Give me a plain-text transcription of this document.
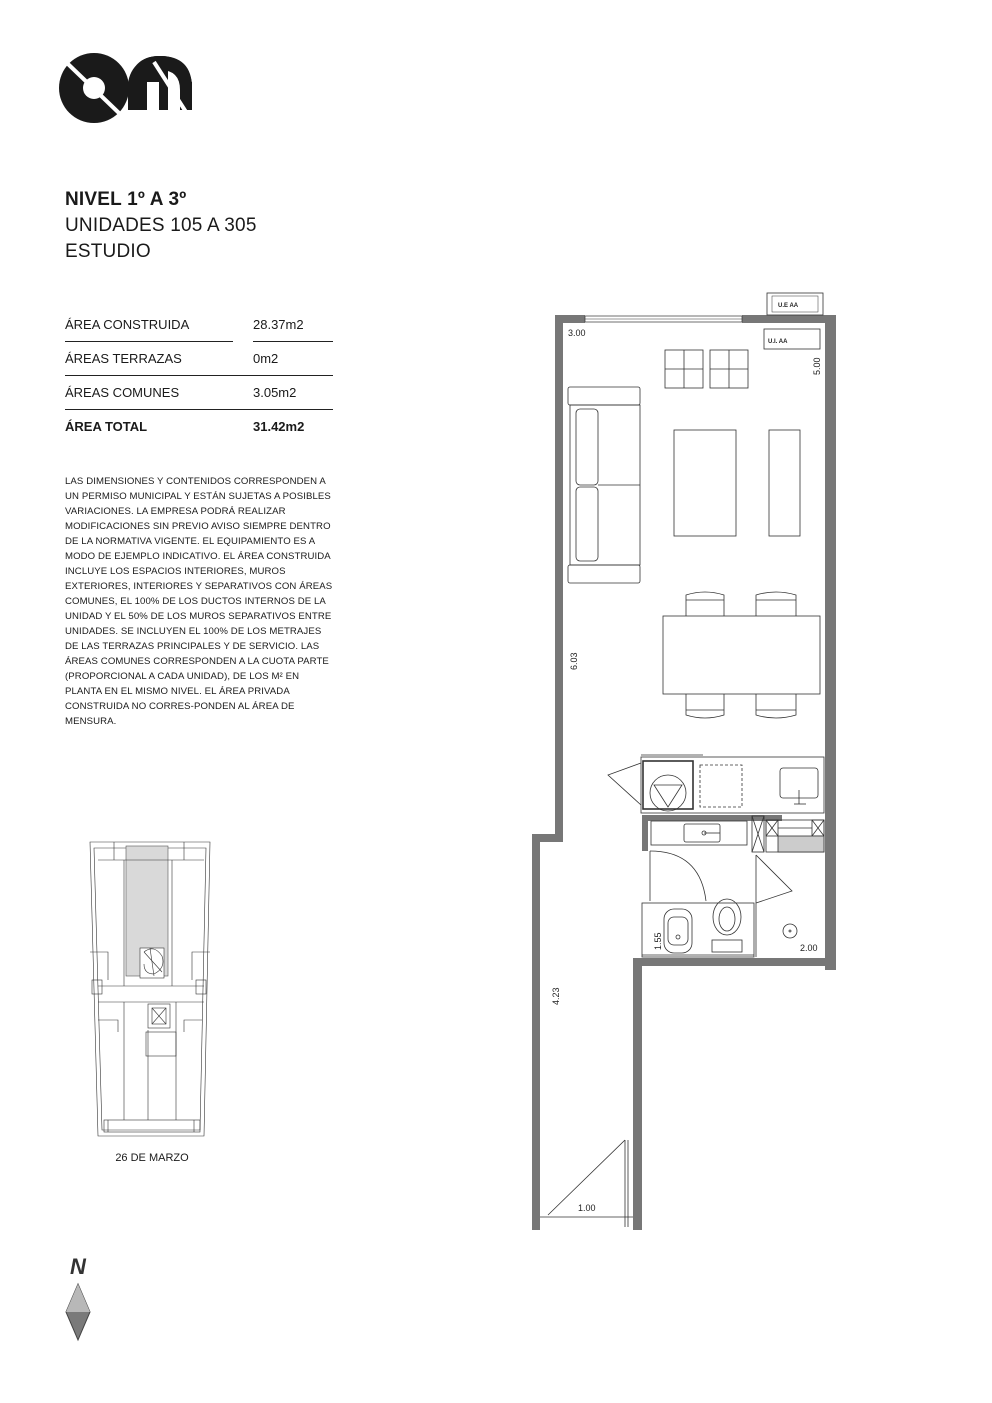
NIVEL 1º A 3º
UNIDADES 105 A 305
ESTUDIO
ÁREA CONSTRUIDA	28.37m2
ÁREAS TERRAZAS	0m2
ÁREAS COMUNES	3.05m2
ÁREA TOTAL	31.42m2
LAS DIMENSIONES Y CONTENIDOS CORRESPONDEN A UN PERMISO MUNICIPAL Y ESTÁN SUJETAS A POSIBLES VARIACIONES. LA EMPRESA PODRÁ REALIZAR MODIFICACIONES SIN PREVIO AVISO SIEMPRE DENTRO DE LA NORMATIVA VIGENTE. EL EQUIPAMIENTO ES A MODO DE EJEMPLO INDICATIVO. EL ÁREA CONSTRUIDA INCLUYE LOS ESPACIOS INTERIORES, MUROS EXTERIORES, INTERIORES Y SEPARATIVOS CON ÁREAS COMUNES, EL 100% DE LOS DUCTOS INTERNOS DE LA UNIDAD Y EL 50% DE LOS MUROS SEPARATIVOS ENTRE UNIDADES. SE INCLUYEN EL 100% DE LOS METRAJES DE LAS TERRAZAS PRINCIPALES Y DE SERVICIO. LAS ÁREAS COMUNES CORRESPONDEN A LA CUOTA PARTE (PROPORCIONAL A CADA UNIDAD), DE LOS M² EN PLANTA EN EL MISMO NIVEL. EL ÁREA PRIVADA CONSTRUIDA NO CORRES-PONDEN AL ÁREA DE MENSURA.
26 DE MARZO
N
U.E AA
U.I. AA
3.00
5.00
6.03
1.55	2.00
4.23
1.00
